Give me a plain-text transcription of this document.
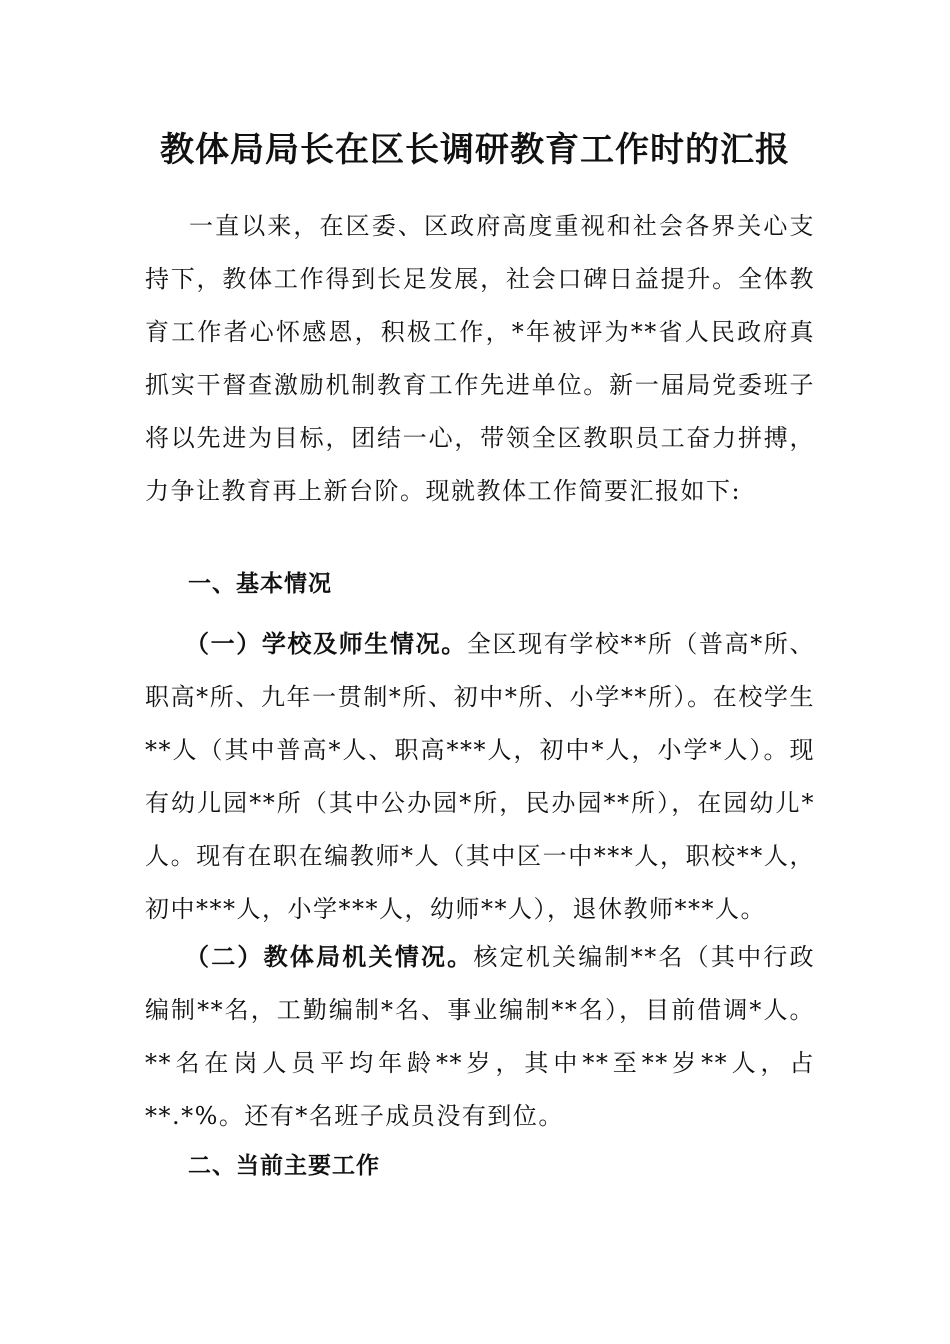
教体局局长在区长调研教育工作时的汇报

一直以来，在区委、区政府高度重视和社会各界关心支持下，教体工作得到长足发展，社会口碑日益提升。全体教育工作者心怀感恩，积极工作，*年被评为**省人民政府真抓实干督查激励机制教育工作先进单位。新一届局党委班子将以先进为目标，团结一心，带领全区教职员工奋力拼搏，力争让教育再上新台阶。现就教体工作简要汇报如下:

一、基本情况

（一）学校及师生情况。全区现有学校**所（普高*所、职高*所、九年一贯制*所、初中*所、小学**所）。在校学生**人（其中普高*人、职高***人，初中*人，小学*人）。现有幼儿园**所（其中公办园*所，民办园**所），在园幼儿*人。现有在职在编教师*人（其中区一中***人，职校**人，初中***人，小学***人，幼师**人），退休教师***人。

（二）教体局机关情况。核定机关编制**名（其中行政编制**名，工勤编制*名、事业编制**名），目前借调*人。**名在岗人员平均年龄**岁，其中**至**岁**人，占**.*%。还有*名班子成员没有到位。

二、当前主要工作
